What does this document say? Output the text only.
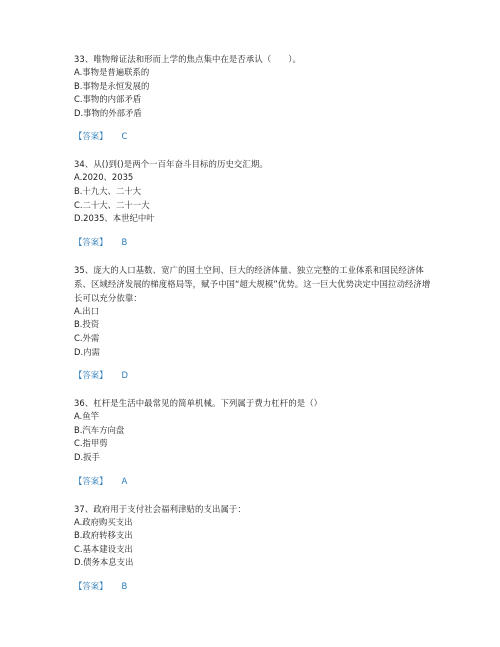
33、唯物辩证法和形而上学的焦点集中在是否承认（　　）。

A.事物是普遍联系的

B.事物是永恒发展的

C.事物的内部矛盾

D.事物的外部矛盾

【答案】 C

34、从()到()是两个一百年奋斗目标的历史交汇期。

A.2020、2035

B.十九大、二十大

C.二十大、二十一大

D.2035、本世纪中叶

【答案】 B

35、庞大的人口基数、宽广的国土空间、巨大的经济体量、独立完整的工业体系和国民经济体系、区域经济发展的梯度格局等，赋予中国“超大规模”优势。这一巨大优势决定中国拉动经济增长可以充分依靠：

A.出口

B.投资

C.外需

D.内需

【答案】 D

36、杠杆是生活中最常见的简单机械。下列属于费力杠杆的是（）

A.鱼竿

B.汽车方向盘

C.指甲剪

D.扳手

【答案】 A

37、政府用于支付社会福利津贴的支出属于：

A.政府购买支出

B.政府转移支出

C.基本建设支出

D.债务本息支出

【答案】 B
